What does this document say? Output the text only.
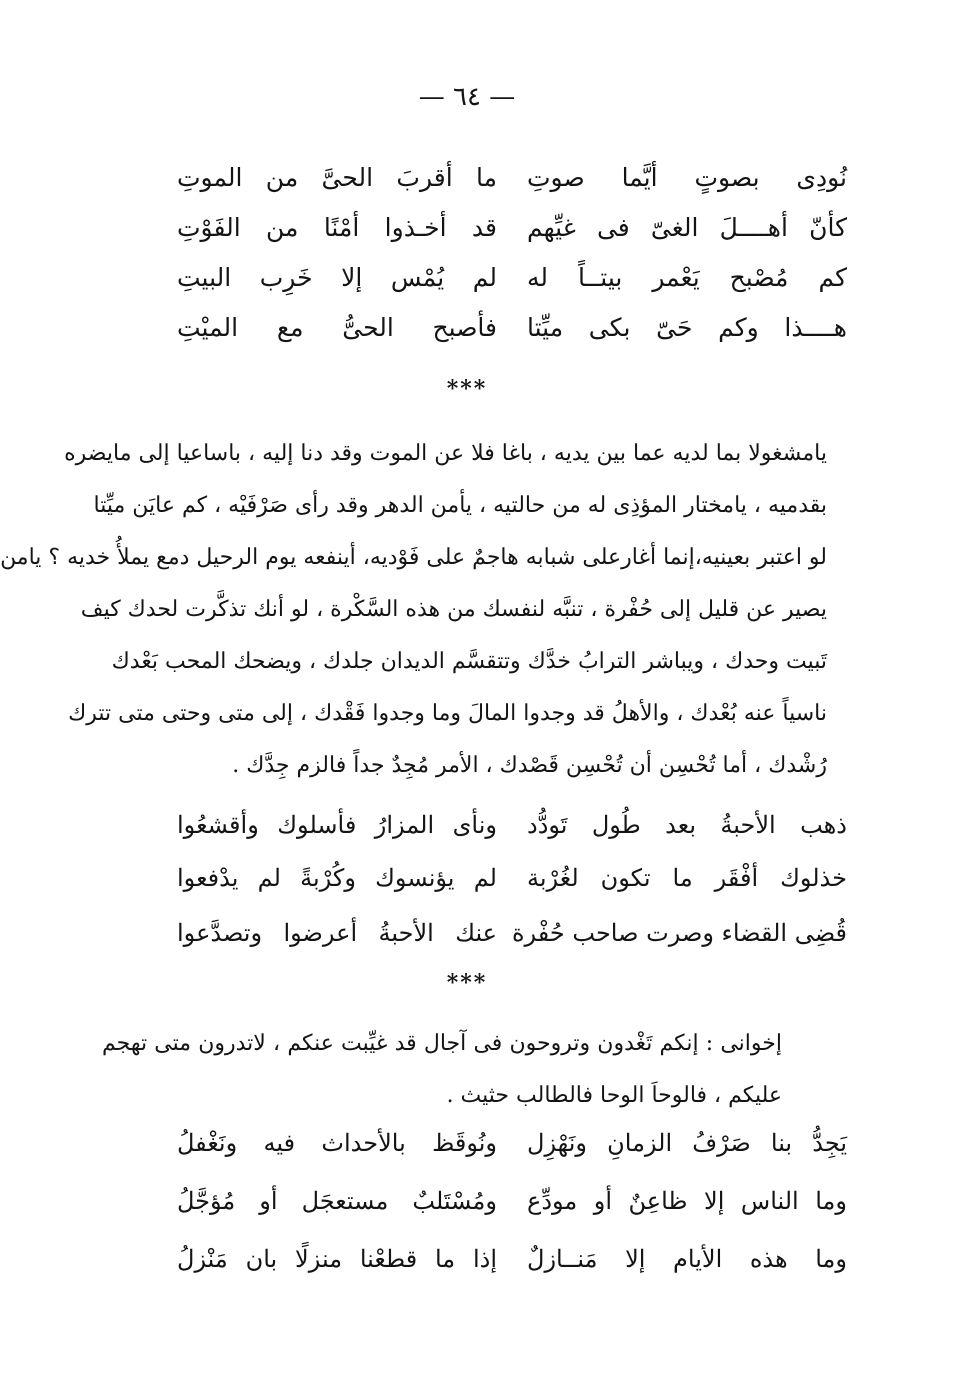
— ٦٤ —
نُودِى بصوتٍ أيَّما صوتِ
ما أقربَ الحىَّ من الموتِ
كأنّ أهــــلَ الغىّ فى غيِّهم
قد أخـذوا أمْنًا من الفَوْتِ
كم مُصْبح يَعْمر بيتــاً له
لم يُمْس إلا خَرِب البيتِ
هــــذا وكم حَىّ بكى ميِّتا
فأصبح الحىُّ مع الميْتِ
***
يامشغولا بما لديه عما بين يديه ، باغا فلا عن الموت وقد دنا إليه ، باساعيا إلى مايضره
بقدميه ، يامختار المؤذِى له من حالتيه ، يأمن الدهر وقد رأى صَرْفَيْه ، كم عايَن ميِّتا
لو اعتبر بعينيه،إنما أغارعلى شبابه هاجمٌ على فَوْديه، أينفعه يوم الرحيل دمع يملأُ خديه ؟ يامن
يصير عن قليل إلى حُفْرة ، تنبَّه لنفسك من هذه السَّكْرة ، لو أنك تذكَّرت لحدك كيف
تَبيت وحدك ، ويباشر الترابُ خدَّك وتتقسَّم الديدان جلدك ، ويضحك المحب بَعْدك
ناسياً عنه بُعْدك ، والأهلُ قد وجدوا المالَ وما وجدوا فَقْدك ، إلى متى وحتى متى تترك
رُشْدك ، أما تُحْسِن أن تُحْسِن قَصْدك ، الأمر مُجِدٌ جداً فالزم جِدَّك .
ذهب الأحبةُ بعد طُول تَودُّد
ونأى المزارُ فأسلوك وأقشعُوا
خذلوك أفْقَر ما تكون لغُرْبة
لم يؤنسوك وكُرْبةً لم يدْفعوا
قُضِى القضاء وصرت صاحب حُفْرة
عنك الأحبةُ أعرضوا وتصدَّعوا
***
إخوانى : إنكم تَغْدون وتروحون فى آجال قد غيِّبت عنكم ، لاتدرون متى تهجم
عليكم ، فالوحاَ الوحا فالطالب حثيث .
يَجِدُّ بنا صَرْفُ الزمانِ ونَهْزِل
ونُوقَظ بالأحداث فيه ونَغْفلُ
وما الناس إلا ظاعِنٌ أو مودِّع
ومُسْتَلبٌ مستعجَل أو مُؤجَّلُ
وما هذه الأيام إلا مَنــازلٌ
إذا ما قطعْنا منزلًا بان مَنْزلُ
